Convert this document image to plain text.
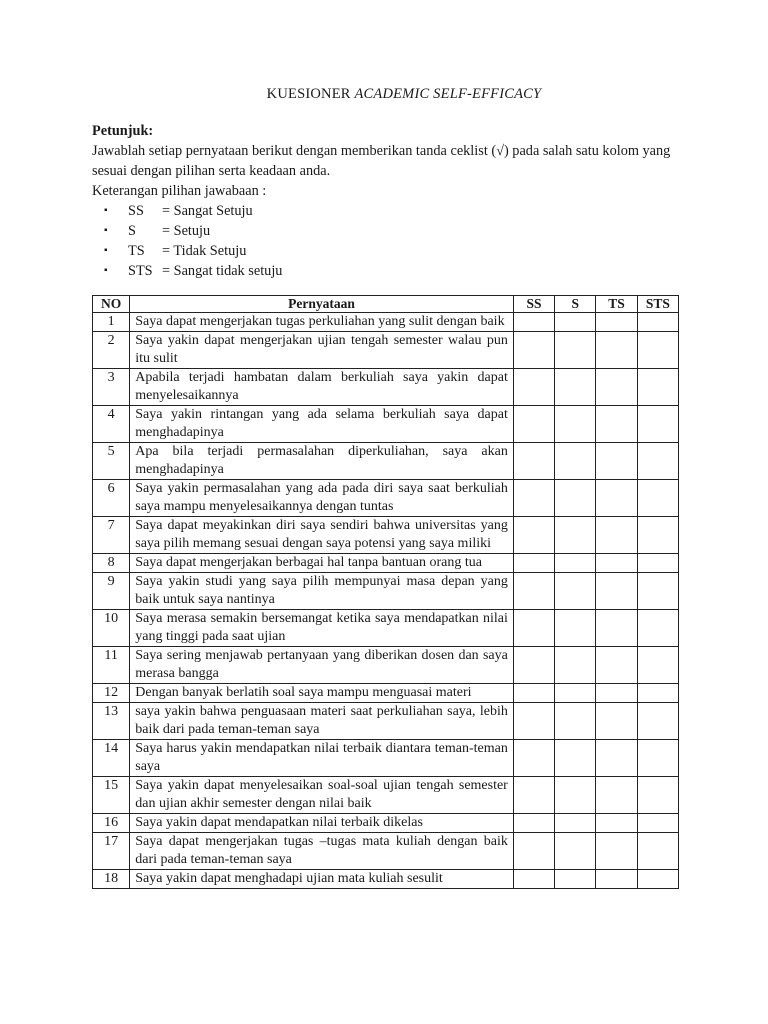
KUESIONER ACADEMIC SELF-EFFICACY
Petunjuk:
Jawablah setiap pernyataan berikut dengan memberikan tanda ceklist (√) pada salah satu kolom yang sesuai dengan pilihan serta keadaan anda.
Keterangan pilihan jawabaan :
▪ SS = Sangat Setuju
▪ S = Setuju
▪ TS = Tidak Setuju
▪ STS = Sangat tidak setuju
NO	Pernyataan	SS	S	TS	STS
1	Saya dapat mengerjakan tugas perkuliahan yang sulit dengan baik				
2	Saya yakin dapat mengerjakan ujian tengah semester walau pun itu sulit				
3	Apabila terjadi hambatan dalam berkuliah saya yakin dapat menyelesaikannya				
4	Saya yakin rintangan yang ada selama berkuliah saya dapat menghadapinya				
5	Apa bila terjadi permasalahan diperkuliahan, saya akan menghadapinya				
6	Saya yakin permasalahan yang ada pada diri saya saat berkuliah saya mampu menyelesaikannya dengan tuntas				
7	Saya dapat meyakinkan diri saya sendiri bahwa universitas yang saya pilih memang sesuai dengan saya potensi yang saya miliki				
8	Saya dapat mengerjakan berbagai hal tanpa bantuan orang tua				
9	Saya yakin studi yang saya pilih mempunyai masa depan yang baik untuk saya nantinya				
10	Saya merasa semakin bersemangat ketika saya mendapatkan nilai yang tinggi pada saat ujian				
11	Saya sering menjawab pertanyaan yang diberikan dosen dan saya merasa bangga				
12	Dengan banyak berlatih soal saya mampu menguasai materi				
13	saya yakin bahwa penguasaan materi saat perkuliahan saya, lebih baik dari pada teman-teman saya				
14	Saya harus yakin mendapatkan nilai terbaik diantara teman-teman saya				
15	Saya yakin dapat menyelesaikan soal-soal ujian tengah semester dan ujian akhir semester dengan nilai baik				
16	Saya yakin dapat mendapatkan nilai terbaik dikelas				
17	Saya dapat mengerjakan tugas –tugas mata kuliah dengan baik dari pada teman-teman saya				
18	Saya yakin dapat menghadapi ujian mata kuliah sesulit				
